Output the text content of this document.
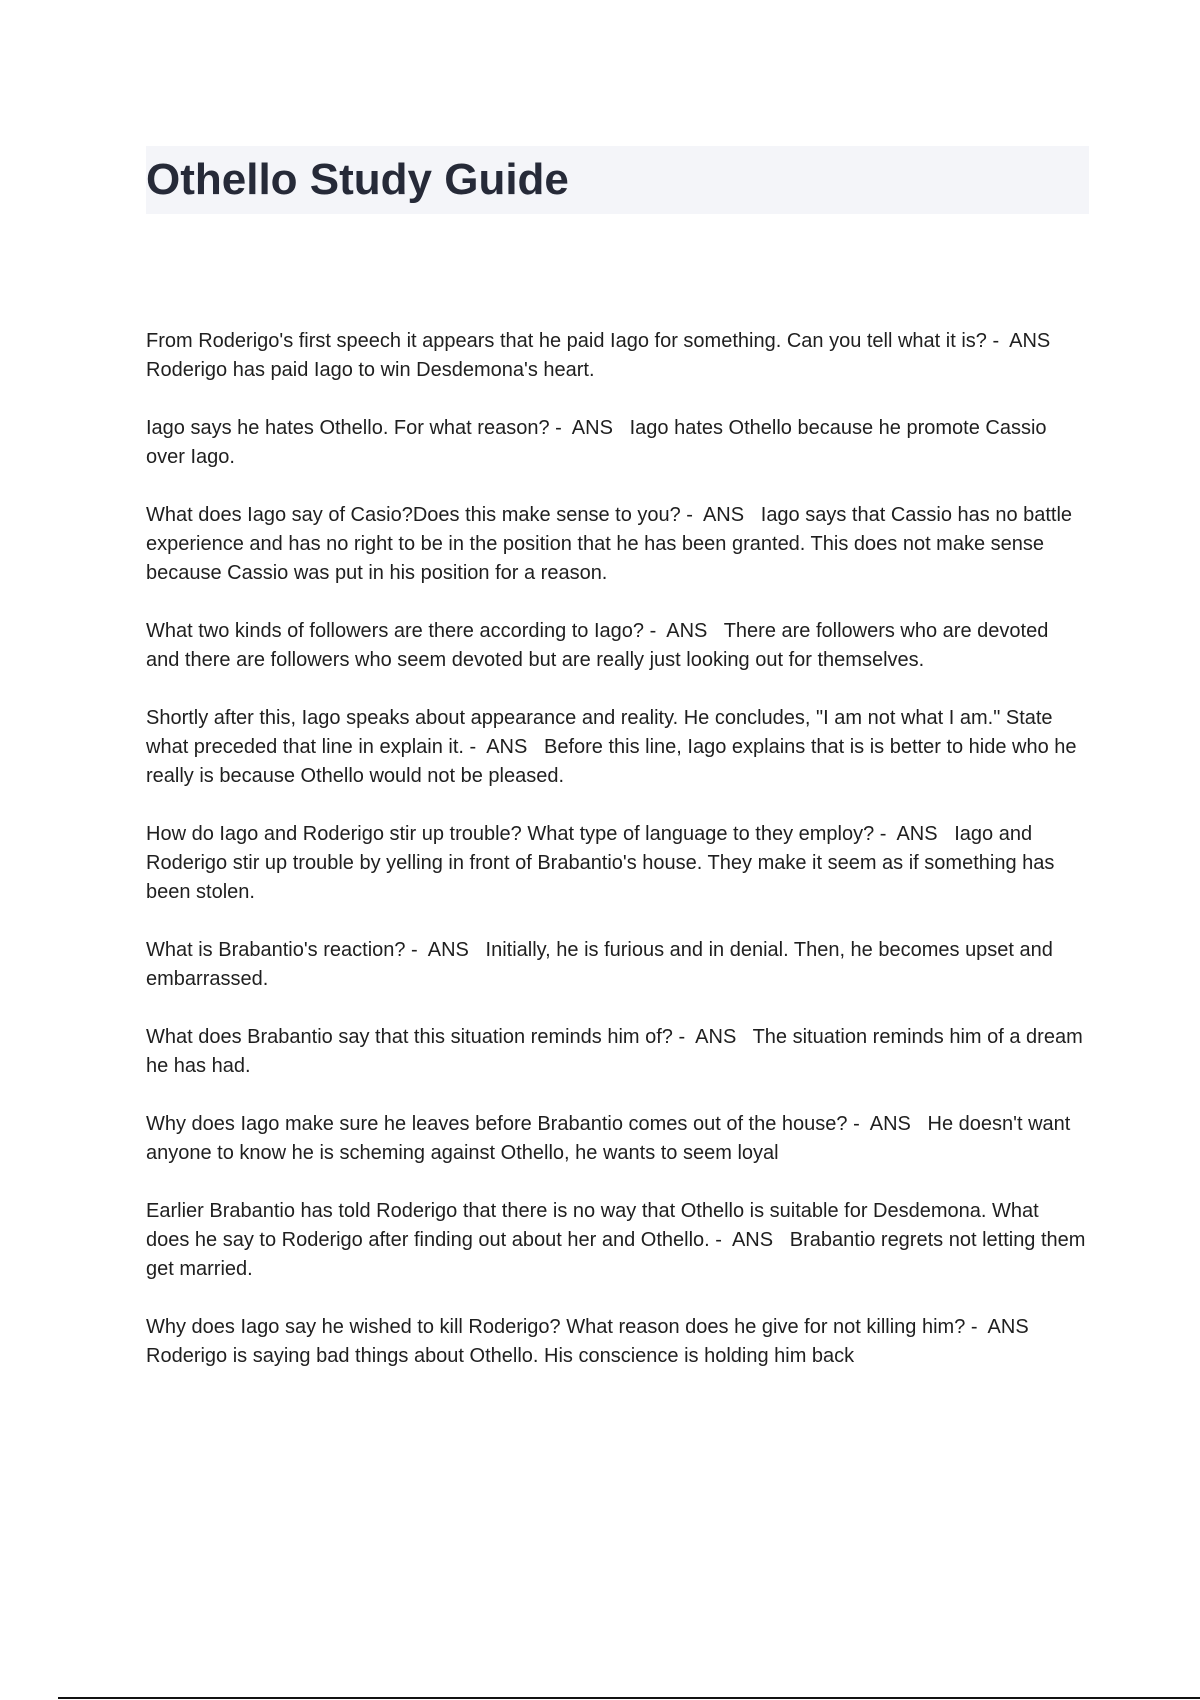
Othello Study Guide

From Roderigo's first speech it appears that he paid Iago for something. Can you tell what it is? -  ANS   Roderigo has paid Iago to win Desdemona's heart.

Iago says he hates Othello. For what reason? -  ANS   Iago hates Othello because he promote Cassio over Iago.

What does Iago say of Casio?Does this make sense to you? -  ANS   Iago says that Cassio has no battle experience and has no right to be in the position that he has been granted. This does not make sense because Cassio was put in his position for a reason.

What two kinds of followers are there according to Iago? -  ANS   There are followers who are devoted and there are followers who seem devoted but are really just looking out for themselves.

Shortly after this, Iago speaks about appearance and reality. He concludes, "I am not what I am." State what preceded that line in explain it. -  ANS   Before this line, Iago explains that is is better to hide who he really is because Othello would not be pleased.

How do Iago and Roderigo stir up trouble? What type of language to they employ? -  ANS   Iago and Roderigo stir up trouble by yelling in front of Brabantio's house. They make it seem as if something has been stolen.

What is Brabantio's reaction? -  ANS   Initially, he is furious and in denial. Then, he becomes upset and embarrassed.

What does Brabantio say that this situation reminds him of? -  ANS   The situation reminds him of a dream he has had.

Why does Iago make sure he leaves before Brabantio comes out of the house? -  ANS   He doesn't want anyone to know he is scheming against Othello, he wants to seem loyal

Earlier Brabantio has told Roderigo that there is no way that Othello is suitable for Desdemona. What does he say to Roderigo after finding out about her and Othello. -  ANS   Brabantio regrets not letting them get married.

Why does Iago say he wished to kill Roderigo? What reason does he give for not killing him? -  ANS   Roderigo is saying bad things about Othello. His conscience is holding him back
